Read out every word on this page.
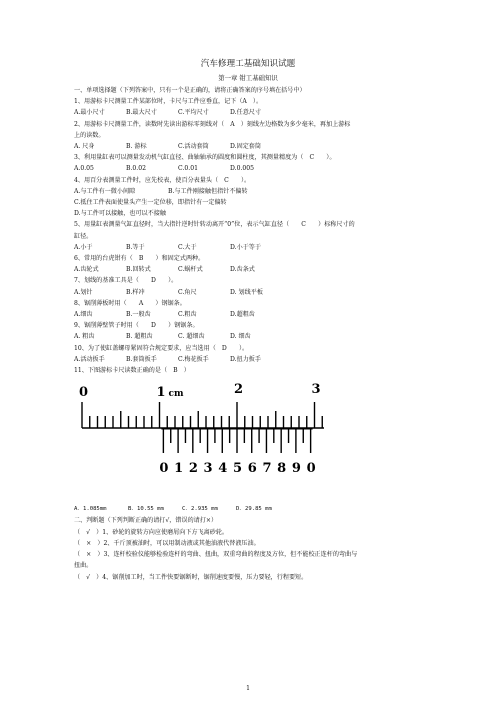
汽车修理工基础知识试题
第一章 钳工基础知识
一、单项选择题（下列答案中，只有一个是正确的，请将正确答案的序号填在括号中）
1、用游标卡尺测量工件某部位时，卡尺与工件应垂直，记下（A　）。
A.最小尺寸	B.最大尺寸	C.平均尺寸	D.任意尺寸
2、用游标卡尺测量工件，读数时先读出游标零刻线对（　A　）刻线左边格数为多少毫米，再加上游标
上的读数。
A. 尺身	B. 游标	C.活动套筒	D.固定套筒
3、利用量缸表可以测量发动机气缸直径、曲轴轴承的圆度和圆柱度，其测量精度为（　C　　）。
A.0.05	B.0.02	C.0.01	D.0.005
4、用百分表测量工件时，应先校表，使百分表量头（　C　　）。
A.与工件有一微小间隙	B.与工件刚接触但指针不偏转
C.抵住工件表面使量头产生一定位移，即指针有一定偏转
D.与工件可以接触，也可以不接触
5、用量缸表测量气缸直径时，当大指针逆时针转动离开“0”位，表示气缸直径（　　C　　）标称尺寸的
缸径。
A.小于	B.等于	C.大于	D.小于等于
6、常用的台虎钳有（　B　　）和固定式两种。
A.齿轮式	B.回转式	C.蜗杆式	D.齿条式
7、划线的基准工具是（　　D　　）。
A.划针	B.样冲	C.角尺	D. 划线平板
8、锯削薄板时用（　　A　　）钢锯条。
A.细齿	B.一般齿	C.粗齿	D.超粗齿
9、锯削薄壁管子时用（　　D　　）钢锯条。
A. 粗齿	B. 超粗齿	C. 超细齿	D. 细齿
10、为了使缸盖螺母紧固符合规定要求，应当选用（　D　　）。
A.活动扳手	B.套筒扳手	C.梅花扳手	D.扭力扳手
11、下图游标卡尺读数正确的是（　B　）
0	1 cm	2	3
0 1 2 3 4 5 6 7 8 9 0
A．1.085mm	B．10.55 mm	C．2.935 mm	D．29.85 mm
二、判断题（下列判断正确的请打√，错误的请打×）
（　√　）1、砂轮的旋转方向应使磨屑向下方飞离砂轮。
（　×　）2、千斤顶被油时，可以用制动液或其他油液代替液压油。
（　×　）3、连杆校验仪能够检验连杆的弯曲、扭曲，双重弯曲的程度及方位，但不能校正连杆的弯曲与
扭曲。
（　√　）4、锯削加工时，当工件快要锯断时，锯削速度要慢，压力要轻，行程要短。
1
